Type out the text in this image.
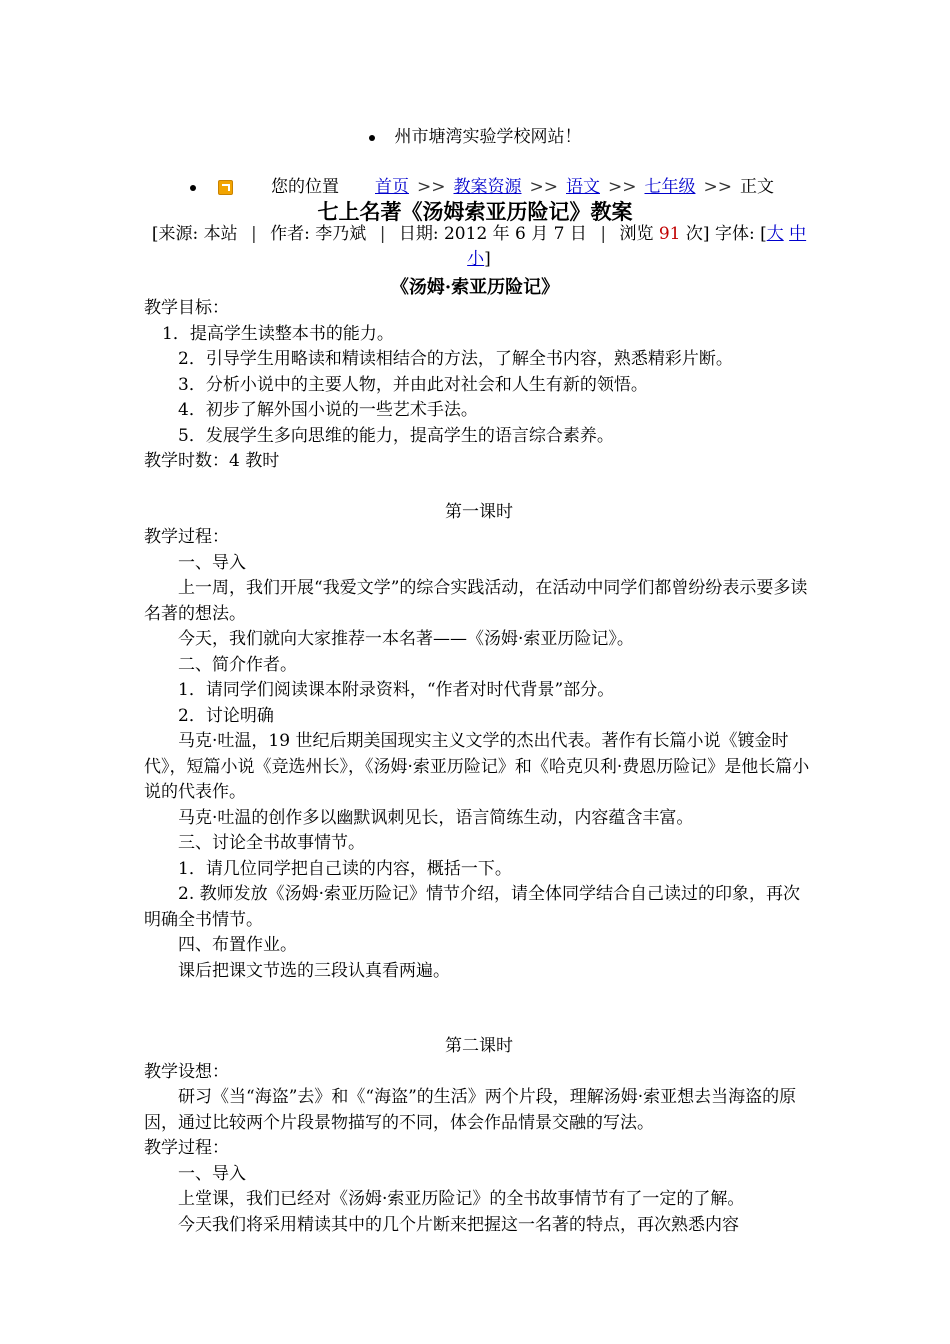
州市塘湾实验学校网站！
您的位置 首页 >> 教案资源 >> 语文 >> 七年级 >> 正文
七上名著《汤姆索亚历险记》教案
[来源: 本站 | 作者: 李乃斌 | 日期: 2012 年 6 月 7 日 | 浏览 91 次] 字体: [大 中 小]
《汤姆·索亚历险记》

教学目标：

1．提高学生读整本书的能力。

2．引导学生用略读和精读相结合的方法，了解全书内容，熟悉精彩片断。

3．分析小说中的主要人物，并由此对社会和人生有新的领悟。

4．初步了解外国小说的一些艺术手法。

5．发展学生多向思维的能力，提高学生的语言综合素养。

教学时数：4 教时

第一课时

教学过程：

一、导入

上一周，我们开展“我爱文学”的综合实践活动，在活动中同学们都曾纷纷表示要多读名著的想法。

今天，我们就向大家推荐一本名著——《汤姆·索亚历险记》。

二、简介作者。

1．请同学们阅读课本附录资料，“作者对时代背景”部分。

2．讨论明确

马克·吐温，19 世纪后期美国现实主义文学的杰出代表。著作有长篇小说《镀金时代》，短篇小说《竞选州长》，《汤姆·索亚历险记》和《哈克贝利·费恩历险记》是他长篇小说的代表作。

马克·吐温的创作多以幽默讽刺见长，语言简练生动，内容蕴含丰富。

三、讨论全书故事情节。

1．请几位同学把自己读的内容，概括一下。

2. 教师发放《汤姆·索亚历险记》情节介绍，请全体同学结合自己读过的印象，再次明确全书情节。

四、布置作业。

课后把课文节选的三段认真看两遍。

第二课时

教学设想：

研习《当“海盗”去》和《“海盗”的生活》两个片段，理解汤姆·索亚想去当海盗的原因，通过比较两个片段景物描写的不同，体会作品情景交融的写法。

教学过程：

一、导入

上堂课，我们已经对《汤姆·索亚历险记》的全书故事情节有了一定的了解。

今天我们将采用精读其中的几个片断来把握这一名著的特点，再次熟悉内容
